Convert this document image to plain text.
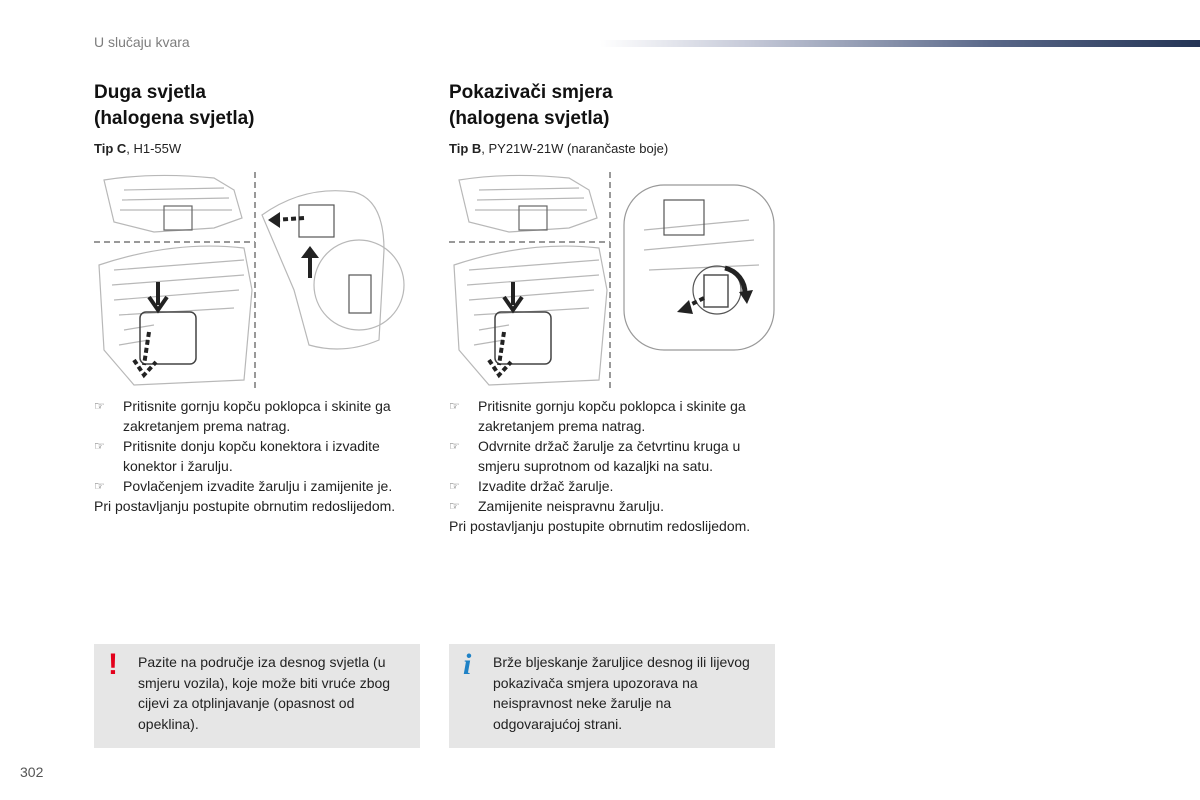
U slučaju kvara
Duga svjetla
(halogena svjetla)
Tip C, H1-55W
☞ Pritisnite gornju kopču poklopca i skinite ga zakretanjem prema natrag.
☞ Pritisnite donju kopču konektora i izvadite konektor i žarulju.
☞ Povlačenjem izvadite žarulju i zamijenite je.

Pri postavljanju postupite obrnutim redoslijedom.

! Pazite na područje iza desnog svjetla (u smjeru vozila), koje može biti vruće zbog cijevi za otplinjavanje (opasnost od opeklina).
Pokazivači smjera
(halogena svjetla)
Tip B, PY21W-21W (narančaste boje)
☞ Pritisnite gornju kopču poklopca i skinite ga zakretanjem prema natrag.
☞ Odvrnite držač žarulje za četvrtinu kruga u smjeru suprotnom od kazaljki na satu.
☞ Izvadite držač žarulje.
☞ Zamijenite neispravnu žarulju.

Pri postavljanju postupite obrnutim redoslijedom.

i Brže bljeskanje žaruljice desnog ili lijevog pokazivača smjera upozorava na neispravnost neke žarulje na odgovarajućoj strani.
302
